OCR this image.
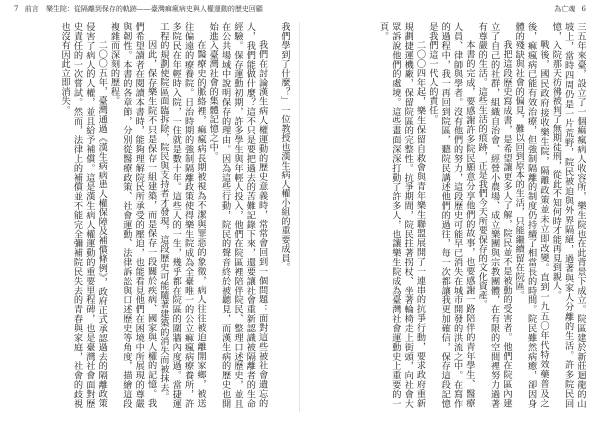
7 前言 樂生院：從隔離到保存的軌跡——臺灣痲瘋病史與人權運動的歷史回顧	為亡魂 6

三五年來臺，設立了一個痲瘋病人收容所，樂生院也在此背景下成立。院區建於新莊迴龍的山坡上，當時四周仍是一片荒野，院民被迫與外界隔絕，過著與家人分離的生活。許多院民回憶，入院那天彷彿被判了無期徒刑，從此不知何時才能再見到親人。

戰後，國民政府接收樂生院，隔離政策並未立即改變。直到一九五〇年代特效藥普及之後，痲瘋病已能有效治療，但強制隔離的制度仍持續了相當長的時間。院民雖然病癒，卻因身體的殘缺與社會的偏見，難以回到原本的生活，只能繼續留在院區。

我把這段歷史寫成書，是希望讓更多人了解，院民並不是被動的受害者。他們在院區內建立了自己的社群，組織自治會、經營小農場、成立樂團與宗教團體，在有限的空間裡努力過著有尊嚴的生活。這些生活的痕跡，正是我們今天所要保存的文化資產。

本書的完成，要感謝許多院民願意分享他們的故事，也要感謝一路陪伴的青年學生、醫療人員、律師與學者。沒有他們的努力，這段歷史可能早已消失在城市開發的洪流之中。在寫作的過程中，我一再回到院區，聽院民講述他們的過往，每一次都讓我更加確信，保存這段記憶是我們這一代人的責任。

二〇〇四年起，樂生保留自救會與青年樂生聯盟展開了一連串的抗爭行動，要求政府重新規劃捷運機廠，保留院區的完整性。抗爭期間，院民拄著拐杖、坐著輪椅走上街頭，向社會大眾訴說他們的處境。這些畫面深深打動了許多人，也讓樂生院成為臺灣社會運動史上重要的一頁。

我們學到了什麼？」一位教授也漢生病人權小組的重要成員。

我們在討論漢生病人權運動的歷史意義時，常常會回到一個問題：面對這些被社會遺忘的人，我們能做什麼？這不只是要把過去的苦難記錄下來，還要讓社會重新認識被隔離者的生命經驗。保存運動初期，許多學生與年輕人投入，他們在院區裡陪伴院民、整理口述歷史，並且在公共場域中說明保存的理由。因為這些行動，院民的聲音終於被聽見，而漢生病的歷史也開始進入臺灣社會的集體記憶之中。

在醫療史的脈絡裡，痲瘋病長期被視為不潔與罪惡的象徵，病人往往被迫離開家鄉，被送往偏遠的療養院。日治時期的強制隔離政策使得樂生院成為全臺唯一的公立痲瘋病療養所，許多院民在年輕時入院，一住就是數十年。這些人的一生，幾乎都在院區的圍牆內度過。當捷運工程的規劃使院區面臨拆除，院民與支持者才發現，這段歷史可能隨著建築的消失而被抹去。

因此，保存樂生院不只是保存一組建築，而是保存一段關於疾病、國家與人權的記憶。我們希望讀者在閱讀本書時，能夠理解院民所承受的壓迫，也能看見他們在困境中所展現的尊嚴與韌性。本書的各章節，分別從醫療政策、社會運動、法律訴訟與口述歷史等角度，描繪這段複雜而深刻的歷程。

二〇〇五年，臺灣通過《漢生病病患人權保障及補償條例》，政府正式承認過去的隔離政策侵害了病人的人權，並且給予補償。這是漢生病人權運動的重要里程碑，也是臺灣社會面對歷史責任的一次嘗試。然而，法律上的補償並不能完全彌補院民失去的青春與家庭，社會的歧視也沒有因此立即消失。
